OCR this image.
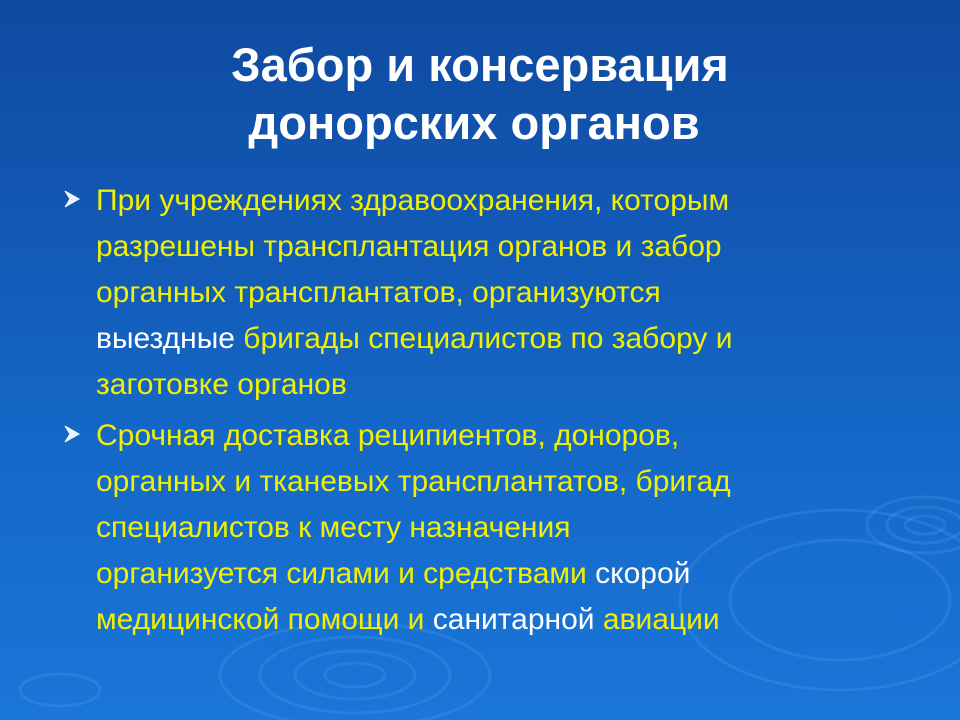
Забор и консервация
донорских органов
При учреждениях здравоохранения, которым
разрешены трансплантация органов и забор
органных трансплантатов, организуются
выездные бригады специалистов по забору и
заготовке органов
Срочная доставка реципиентов, доноров,
органных и тканевых трансплантатов, бригад
специалистов к месту назначения
организуется силами и средствами скорой
медицинской помощи и санитарной авиации
